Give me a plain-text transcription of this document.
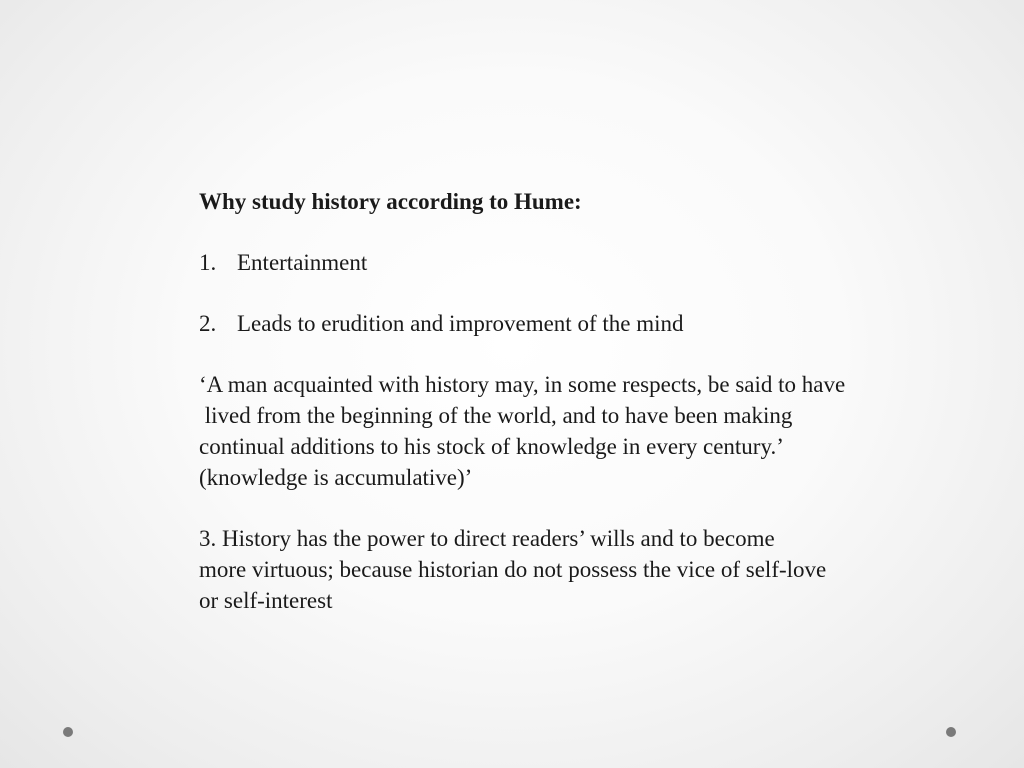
Why study history according to Hume:

1. Entertainment

2. Leads to erudition and improvement of the mind

‘A man acquainted with history may, in some respects, be said to have
lived from the beginning of the world, and to have been making
continual additions to his stock of knowledge in every century.’
(knowledge is accumulative)’

3. History has the power to direct readers’ wills and to become
more virtuous; because historian do not possess the vice of self-love
or self-interest
